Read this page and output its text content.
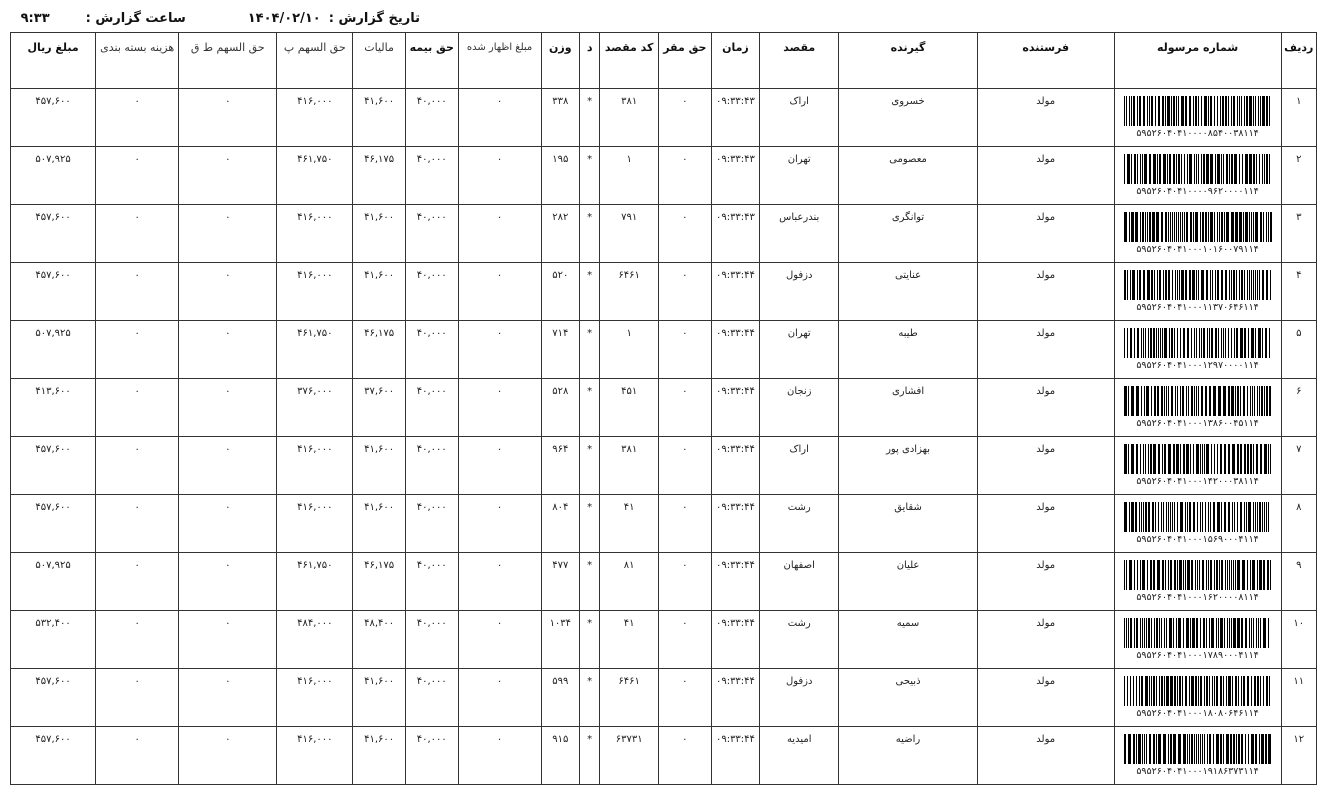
تاریخ گزارش :
۱۴۰۴/۰۲/۱۰
ساعت گزارش :
۹:۳۳
ردیف	شماره مرسوله	فرستنده	گیرنده	مقصد	زمان	حق مقر	کد مقصد	د	وزن	مبلغ اظهار شده	حق بیمه	مالیات	حق السهم پ	حق السهم ط ق	هزینه بسته بندی	مبلغ ریال
۱	۵۹۵۲۶۰۴۰۴۱۰۰۰۰۸۵۴۰۰۳۸۱۱۴	مولد	خسروی	اراک	۰۹:۳۳:۴۳	۰	۳۸۱	*	۳۳۸	۰	۴۰,۰۰۰	۴۱,۶۰۰	۴۱۶,۰۰۰	۰	۰	۴۵۷,۶۰۰
۲	۵۹۵۲۶۰۴۰۴۱۰۰۰۰۹۶۲۰۰۰۰۱۱۴	مولد	معصومی	تهران	۰۹:۳۳:۴۳	۰	۱	*	۱۹۵	۰	۴۰,۰۰۰	۴۶,۱۷۵	۴۶۱,۷۵۰	۰	۰	۵۰۷,۹۲۵
۳	۵۹۵۲۶۰۴۰۴۱۰۰۰۱۰۱۶۰۰۷۹۱۱۴	مولد	توانگری	بندرعباس	۰۹:۳۳:۴۳	۰	۷۹۱	*	۲۸۲	۰	۴۰,۰۰۰	۴۱,۶۰۰	۴۱۶,۰۰۰	۰	۰	۴۵۷,۶۰۰
۴	۵۹۵۲۶۰۴۰۴۱۰۰۰۱۱۳۷۰۶۴۶۱۱۴	مولد	عنایتی	دزفول	۰۹:۳۳:۴۴	۰	۶۴۶۱	*	۵۲۰	۰	۴۰,۰۰۰	۴۱,۶۰۰	۴۱۶,۰۰۰	۰	۰	۴۵۷,۶۰۰
۵	۵۹۵۲۶۰۴۰۴۱۰۰۰۱۲۹۷۰۰۰۰۱۱۴	مولد	طیبه	تهران	۰۹:۳۳:۴۴	۰	۱	*	۷۱۴	۰	۴۰,۰۰۰	۴۶,۱۷۵	۴۶۱,۷۵۰	۰	۰	۵۰۷,۹۲۵
۶	۵۹۵۲۶۰۴۰۴۱۰۰۰۱۳۸۶۰۰۴۵۱۱۴	مولد	افشاری	زنجان	۰۹:۳۳:۴۴	۰	۴۵۱	*	۵۲۸	۰	۴۰,۰۰۰	۳۷,۶۰۰	۳۷۶,۰۰۰	۰	۰	۴۱۳,۶۰۰
۷	۵۹۵۲۶۰۴۰۴۱۰۰۰۱۴۲۰۰۰۳۸۱۱۴	مولد	بهزادی پور	اراک	۰۹:۳۳:۴۴	۰	۳۸۱	*	۹۶۴	۰	۴۰,۰۰۰	۴۱,۶۰۰	۴۱۶,۰۰۰	۰	۰	۴۵۷,۶۰۰
۸	۵۹۵۲۶۰۴۰۴۱۰۰۰۱۵۶۹۰۰۰۴۱۱۴	مولد	شقایق	رشت	۰۹:۳۳:۴۴	۰	۴۱	*	۸۰۴	۰	۴۰,۰۰۰	۴۱,۶۰۰	۴۱۶,۰۰۰	۰	۰	۴۵۷,۶۰۰
۹	۵۹۵۲۶۰۴۰۴۱۰۰۰۱۶۲۰۰۰۰۸۱۱۴	مولد	علیان	اصفهان	۰۹:۳۳:۴۴	۰	۸۱	*	۴۷۷	۰	۴۰,۰۰۰	۴۶,۱۷۵	۴۶۱,۷۵۰	۰	۰	۵۰۷,۹۲۵
۱۰	۵۹۵۲۶۰۴۰۴۱۰۰۰۱۷۸۹۰۰۰۴۱۱۴	مولد	سمیه	رشت	۰۹:۳۳:۴۴	۰	۴۱	*	۱۰۳۴	۰	۴۰,۰۰۰	۴۸,۴۰۰	۴۸۴,۰۰۰	۰	۰	۵۳۲,۴۰۰
۱۱	۵۹۵۲۶۰۴۰۴۱۰۰۰۱۸۰۸۰۶۴۶۱۱۴	مولد	ذبیحی	دزفول	۰۹:۳۳:۴۴	۰	۶۴۶۱	*	۵۹۹	۰	۴۰,۰۰۰	۴۱,۶۰۰	۴۱۶,۰۰۰	۰	۰	۴۵۷,۶۰۰
۱۲	۵۹۵۲۶۰۴۰۴۱۰۰۰۱۹۱۸۶۳۷۳۱۱۴	مولد	راضیه	امیدیه	۰۹:۳۳:۴۴	۰	۶۳۷۳۱	*	۹۱۵	۰	۴۰,۰۰۰	۴۱,۶۰۰	۴۱۶,۰۰۰	۰	۰	۴۵۷,۶۰۰
